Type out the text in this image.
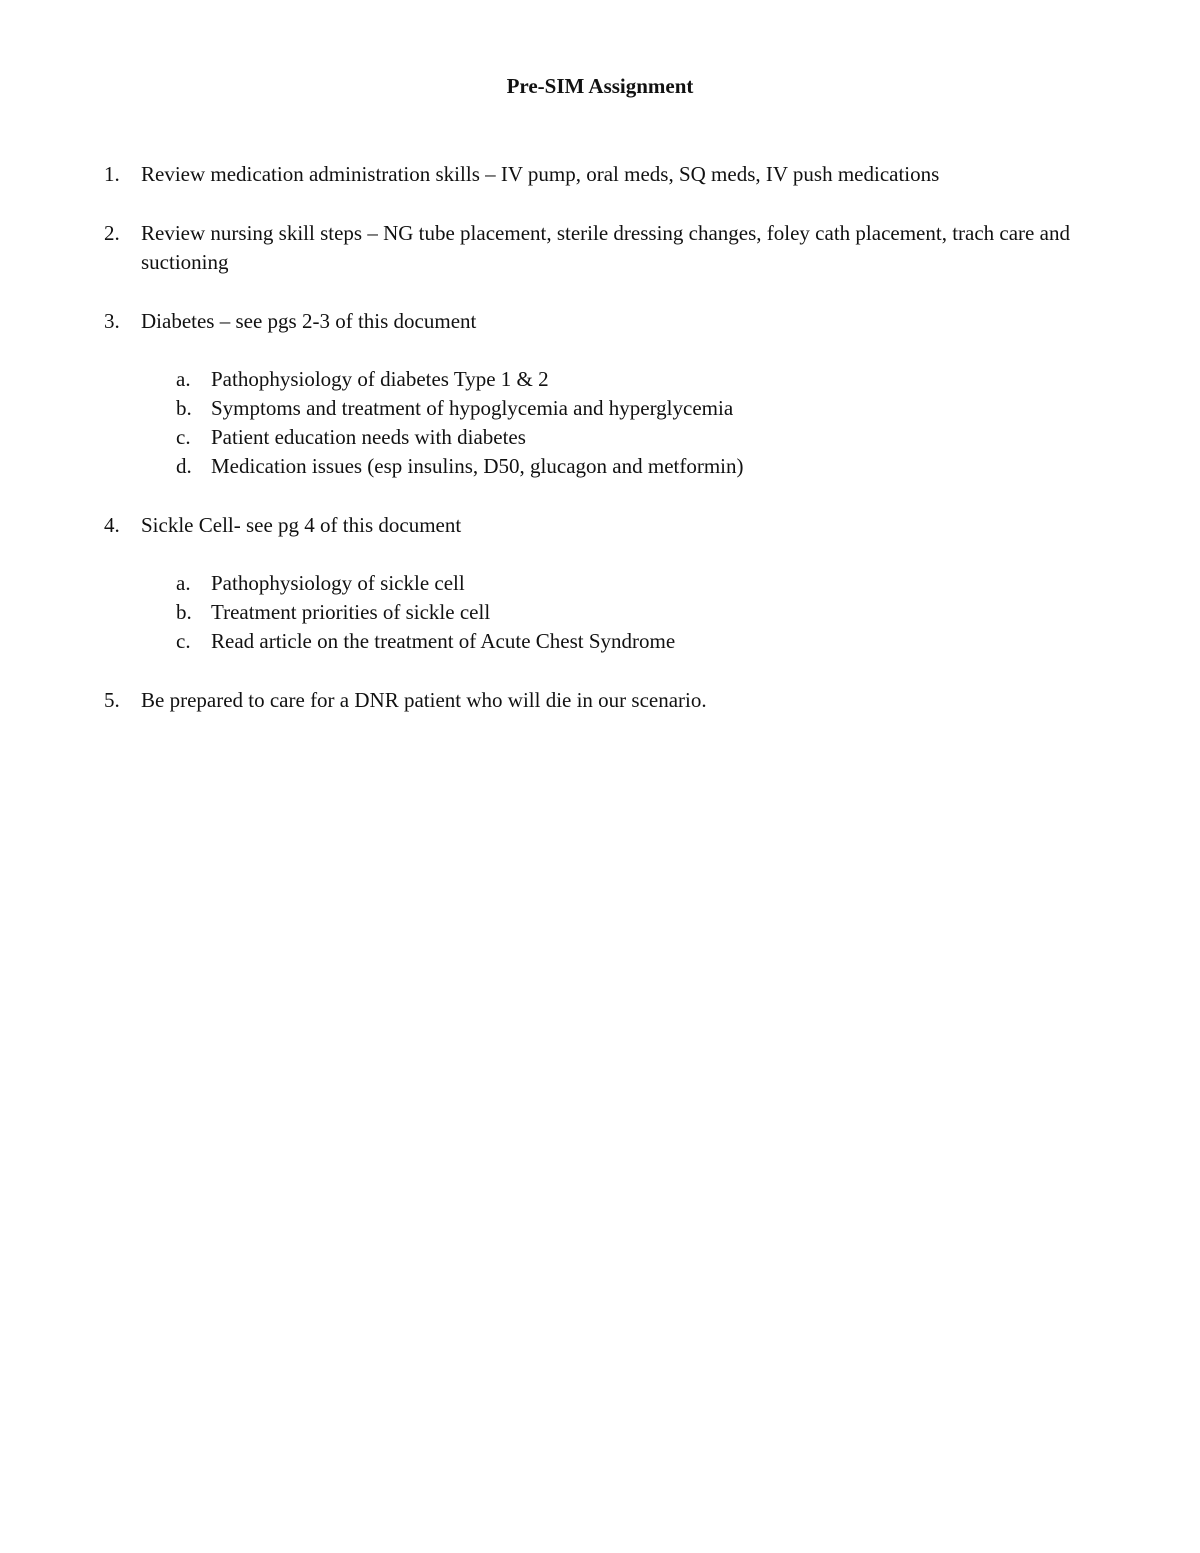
Pre-SIM Assignment
1. Review medication administration skills – IV pump, oral meds, SQ meds, IV push medications
2. Review nursing skill steps – NG tube placement, sterile dressing changes, foley cath placement, trach care and suctioning
3. Diabetes – see pgs 2-3 of this document
a. Pathophysiology of diabetes Type 1 & 2
b. Symptoms and treatment of hypoglycemia and hyperglycemia
c. Patient education needs with diabetes
d. Medication issues (esp insulins, D50, glucagon and metformin)
4. Sickle Cell- see pg 4 of this document
a. Pathophysiology of sickle cell
b. Treatment priorities of sickle cell
c. Read article on the treatment of Acute Chest Syndrome
5. Be prepared to care for a DNR patient who will die in our scenario.
